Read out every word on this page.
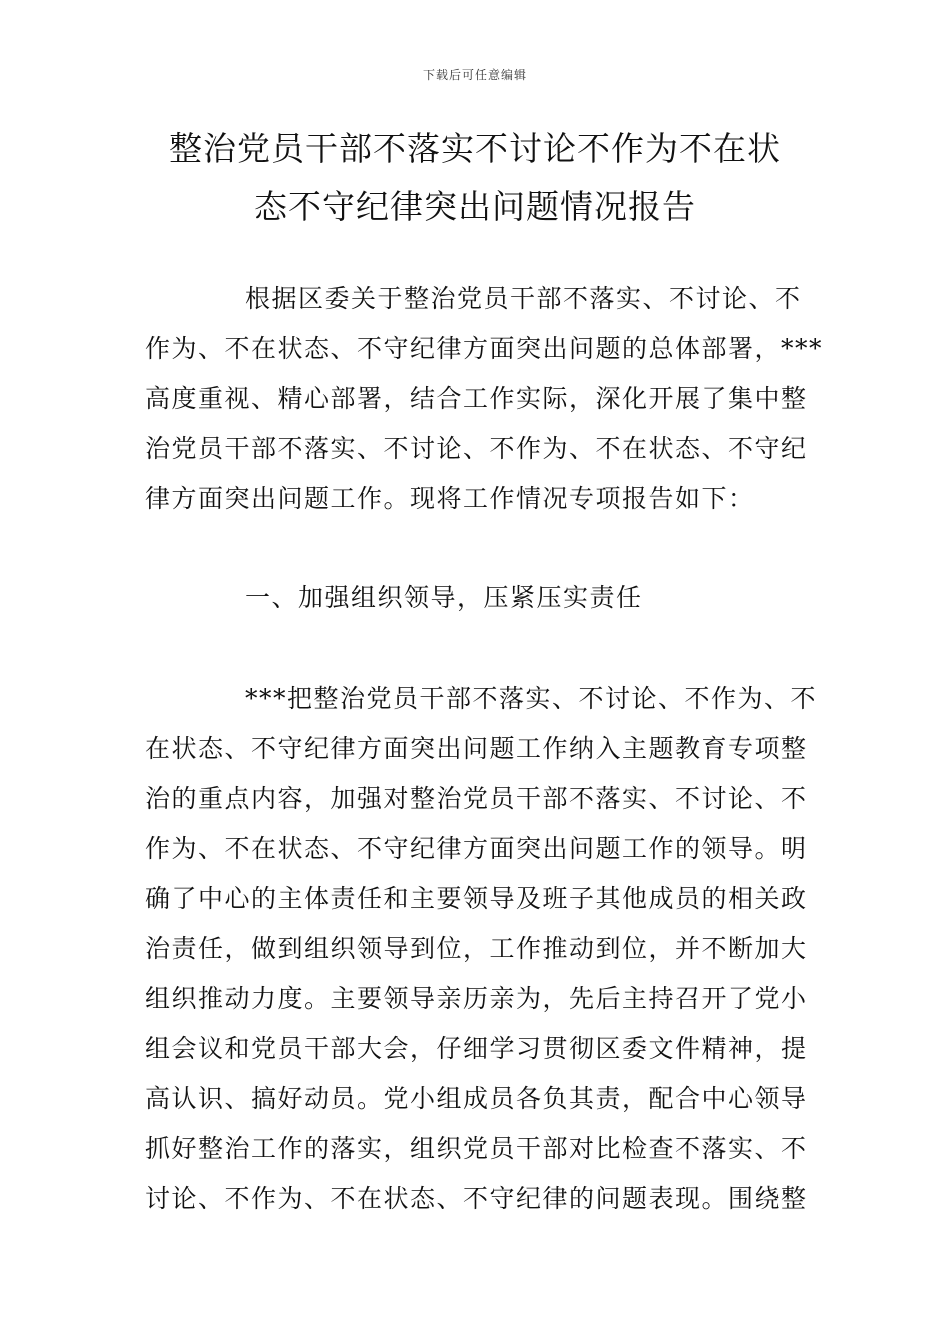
下载后可任意编辑
整治党员干部不落实不讨论不作为不在状
态不守纪律突出问题情况报告
根据区委关于整治党员干部不落实、不讨论、不
作为、不在状态、不守纪律方面突出问题的总体部署，***
高度重视、精心部署，结合工作实际，深化开展了集中整
治党员干部不落实、不讨论、不作为、不在状态、不守纪
律方面突出问题工作。现将工作情况专项报告如下：
一、加强组织领导，压紧压实责任
***把整治党员干部不落实、不讨论、不作为、不
在状态、不守纪律方面突出问题工作纳入主题教育专项整
治的重点内容，加强对整治党员干部不落实、不讨论、不
作为、不在状态、不守纪律方面突出问题工作的领导。明
确了中心的主体责任和主要领导及班子其他成员的相关政
治责任，做到组织领导到位，工作推动到位，并不断加大
组织推动力度。主要领导亲历亲为，先后主持召开了党小
组会议和党员干部大会，仔细学习贯彻区委文件精神，提
高认识、搞好动员。党小组成员各负其责，配合中心领导
抓好整治工作的落实，组织党员干部对比检查不落实、不
讨论、不作为、不在状态、不守纪律的问题表现。围绕整
